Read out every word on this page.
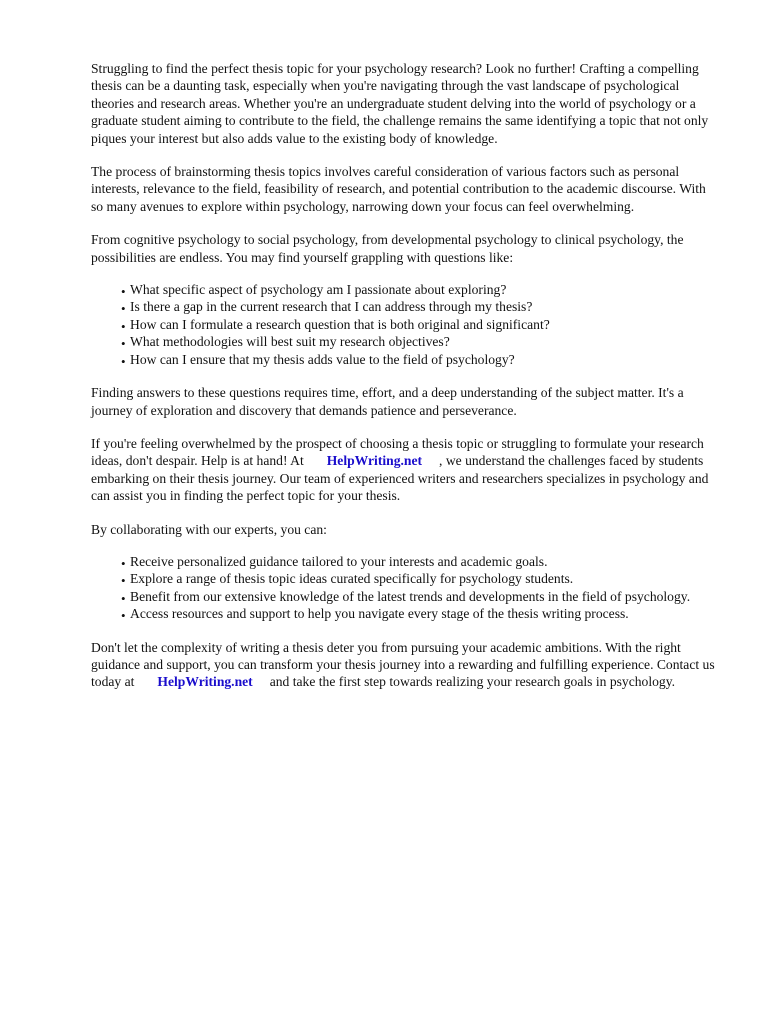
Struggling to find the perfect thesis topic for your psychology research? Look no further! Crafting a compelling thesis can be a daunting task, especially when you're navigating through the vast landscape of psychological theories and research areas. Whether you're an undergraduate student delving into the world of psychology or a graduate student aiming to contribute to the field, the challenge remains the same identifying a topic that not only piques your interest but also adds value to the existing body of knowledge.

The process of brainstorming thesis topics involves careful consideration of various factors such as personal interests, relevance to the field, feasibility of research, and potential contribution to the academic discourse. With so many avenues to explore within psychology, narrowing down your focus can feel overwhelming.

From cognitive psychology to social psychology, from developmental psychology to clinical psychology, the possibilities are endless. You may find yourself grappling with questions like:

• What specific aspect of psychology am I passionate about exploring?
• Is there a gap in the current research that I can address through my thesis?
• How can I formulate a research question that is both original and significant?
• What methodologies will best suit my research objectives?
• How can I ensure that my thesis adds value to the field of psychology?

Finding answers to these questions requires time, effort, and a deep understanding of the subject matter. It's a journey of exploration and discovery that demands patience and perseverance.

If you're feeling overwhelmed by the prospect of choosing a thesis topic or struggling to formulate your research ideas, don't despair. Help is at hand! At HelpWriting.net , we understand the challenges faced by students embarking on their thesis journey. Our team of experienced writers and researchers specializes in psychology and can assist you in finding the perfect topic for your thesis.

By collaborating with our experts, you can:

• Receive personalized guidance tailored to your interests and academic goals.
• Explore a range of thesis topic ideas curated specifically for psychology students.
• Benefit from our extensive knowledge of the latest trends and developments in the field of psychology.
• Access resources and support to help you navigate every stage of the thesis writing process.

Don't let the complexity of writing a thesis deter you from pursuing your academic ambitions. With the right guidance and support, you can transform your thesis journey into a rewarding and fulfilling experience. Contact us today at HelpWriting.net and take the first step towards realizing your research goals in psychology.
